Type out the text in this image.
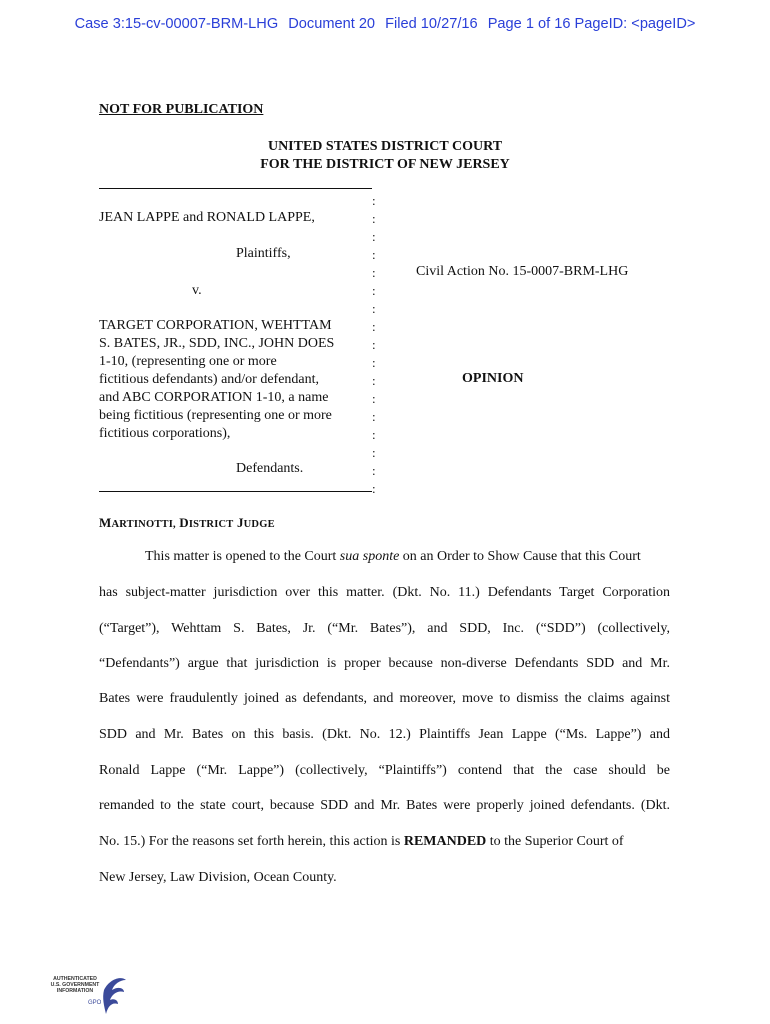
Case 3:15-cv-00007-BRM-LHG Document 20 Filed 10/27/16 Page 1 of 16 PageID: <pageID>
NOT FOR PUBLICATION
UNITED STATES DISTRICT COURT
FOR THE DISTRICT OF NEW JERSEY
JEAN LAPPE and RONALD LAPPE,
Plaintiffs,
v.
TARGET CORPORATION, WEHTTAM
S. BATES, JR., SDD, INC., JOHN DOES
1-10, (representing one or more
fictitious defendants) and/or defendant,
and ABC CORPORATION 1-10, a name
being fictitious (representing one or more
fictitious corporations),
Defendants.
:
:
:
:
:
:
:
:
:
:
:
:
:
:
:
:
:
Civil Action No. 15-0007-BRM-LHG
OPINION
MARTINOTTI, DISTRICT JUDGE
This matter is opened to the Court sua sponte on an Order to Show Cause that this Court
has subject-matter jurisdiction over this matter. (Dkt. No. 11.) Defendants Target Corporation
(“Target”), Wehttam S. Bates, Jr. (“Mr. Bates”), and SDD, Inc. (“SDD”) (collectively,
“Defendants”) argue that jurisdiction is proper because non-diverse Defendants SDD and Mr.
Bates were fraudulently joined as defendants, and moreover, move to dismiss the claims against
SDD and Mr. Bates on this basis. (Dkt. No. 12.) Plaintiffs Jean Lappe (“Ms. Lappe”) and
Ronald Lappe (“Mr. Lappe”) (collectively, “Plaintiffs”) contend that the case should be
remanded to the state court, because SDD and Mr. Bates were properly joined defendants. (Dkt.
No. 15.) For the reasons set forth herein, this action is REMANDED to the Superior Court of
New Jersey, Law Division, Ocean County.
AUTHENTICATED
U.S. GOVERNMENT
INFORMATION
GPO
